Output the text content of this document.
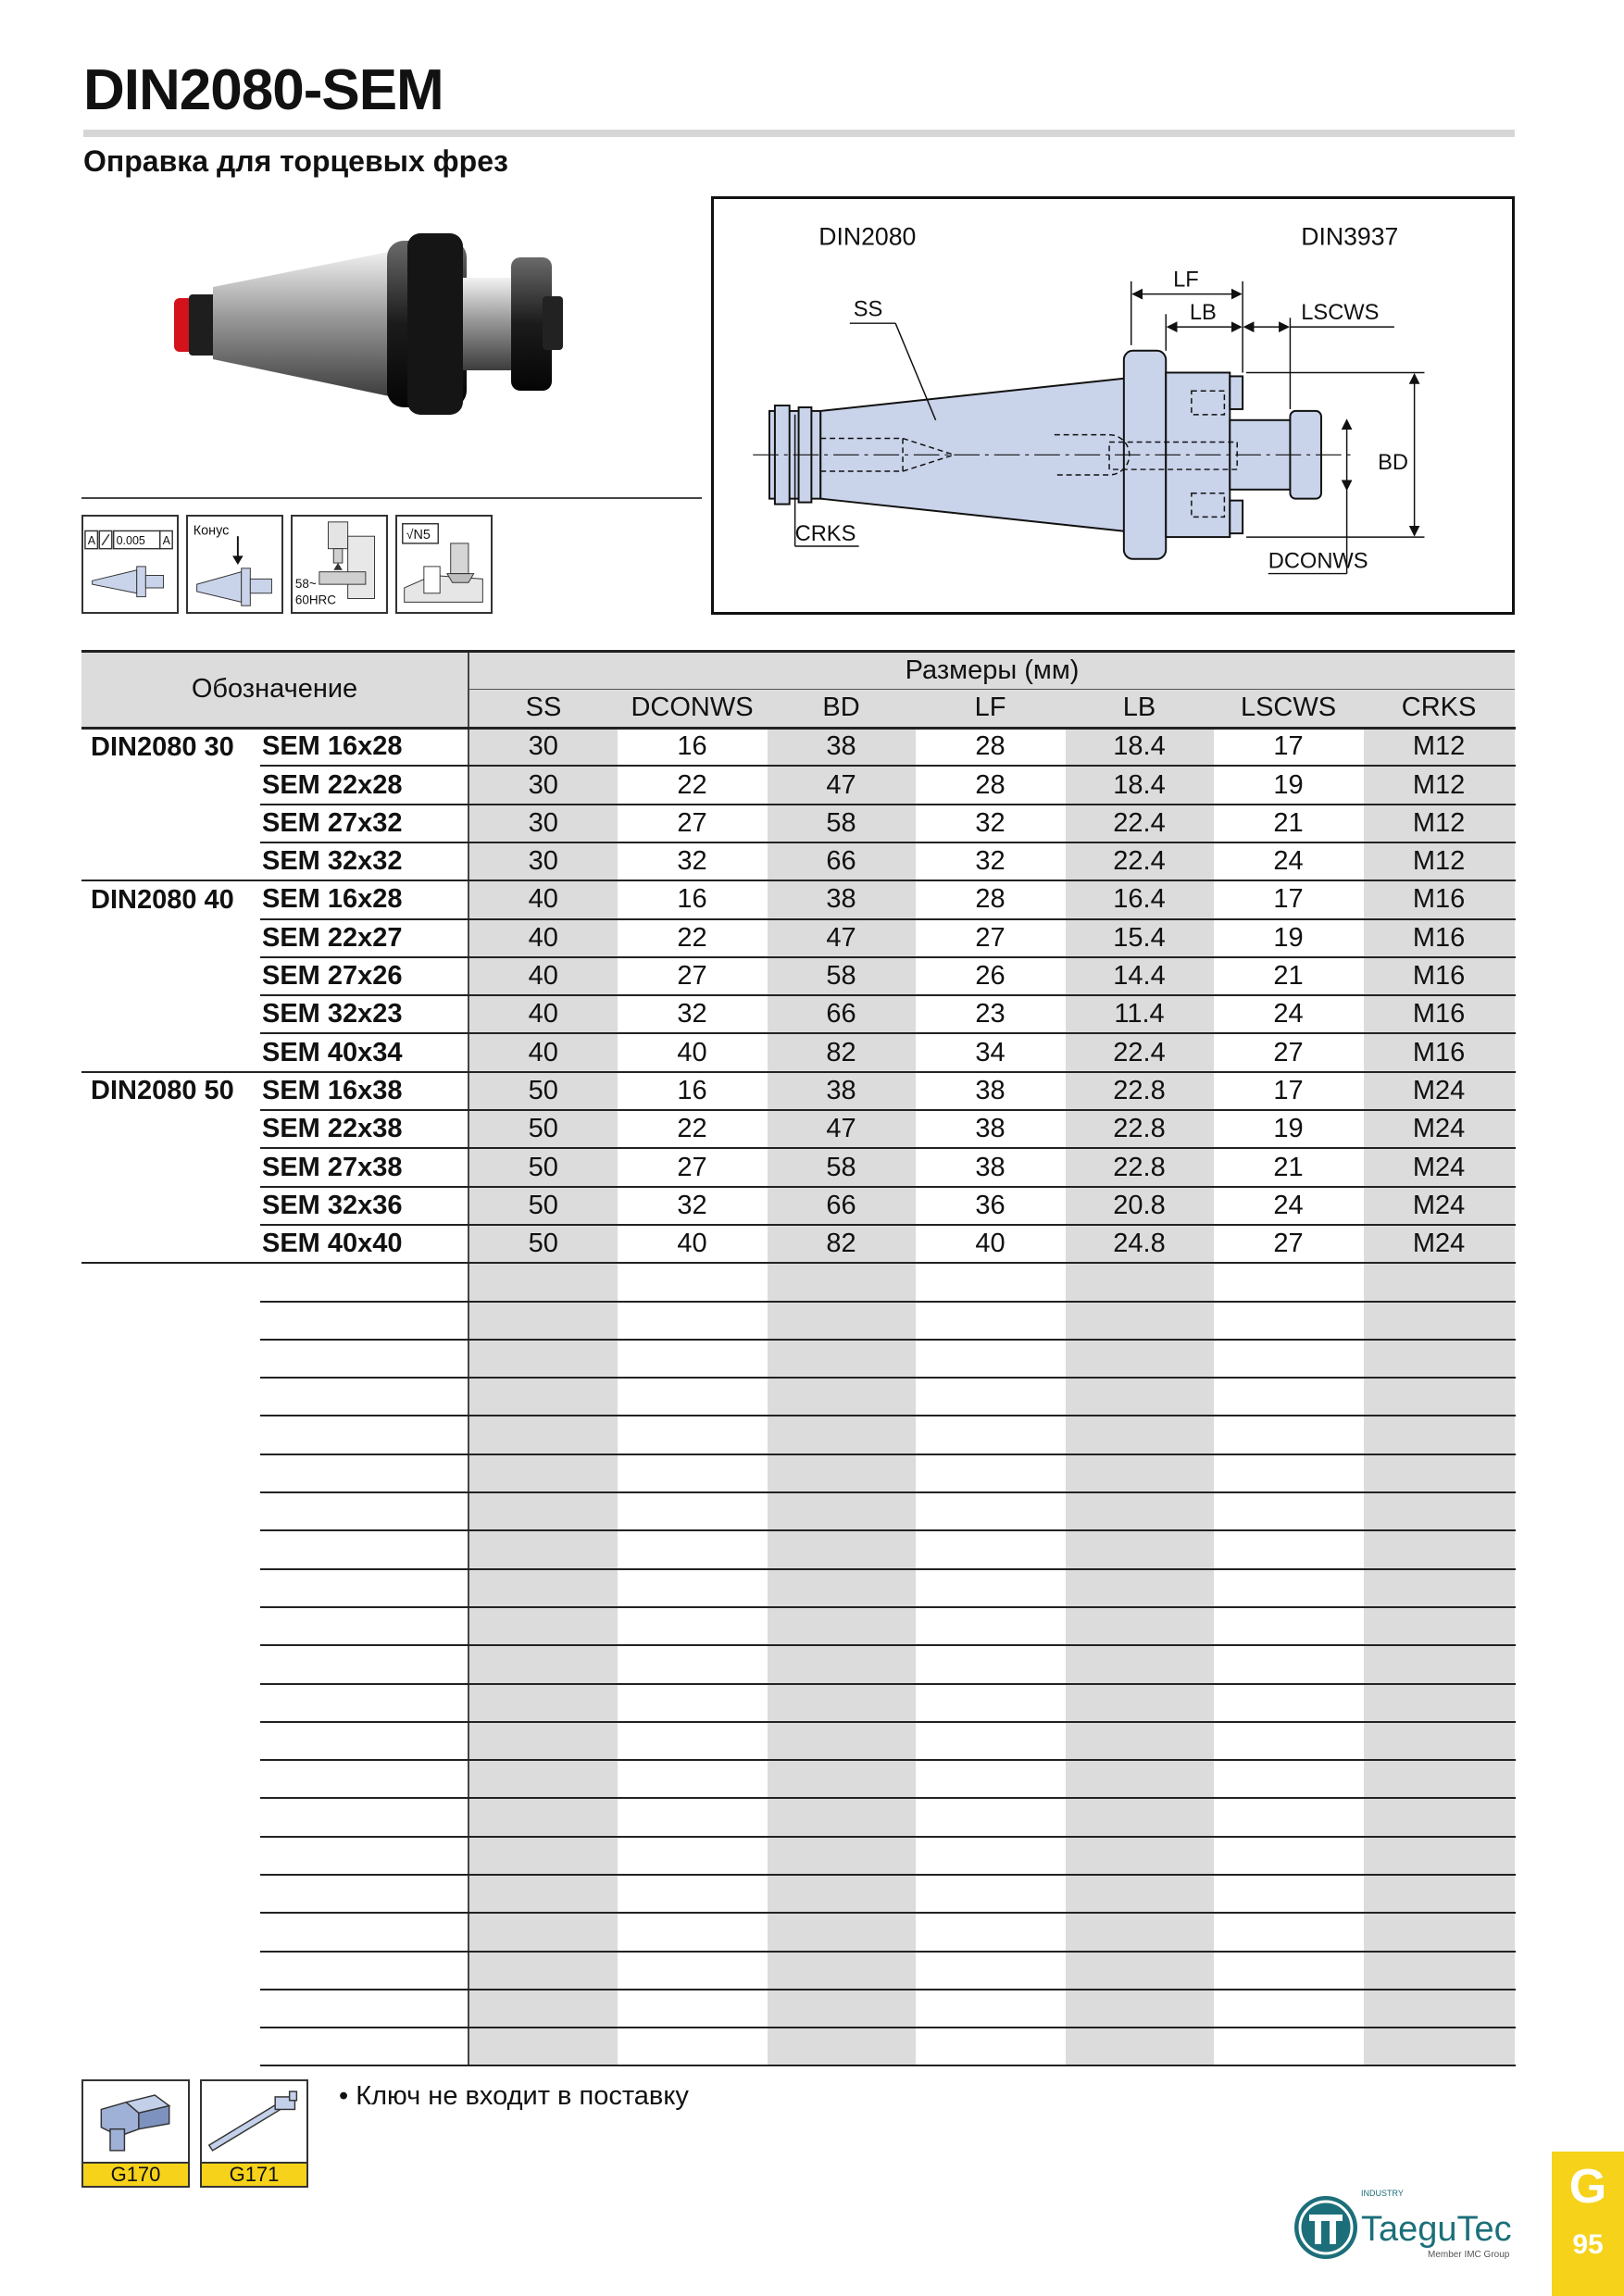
DIN2080-SEM
Оправка для торцевых фрез
A 0.005 A
Конус
58~
60HRC
√N5
DIN2080	DIN3937
LF
LB	LSCWS
SS
BD
CRKS
DCONWS
Обозначение		Размеры (мм)						
		SS	DCONWS	BD	LF	LB	LSCWS	CRKS
DIN2080 30	SEM 16x28	30	16	38	28	18.4	17	M12
	SEM 22x28	30	22	47	28	18.4	19	M12
	SEM 27x32	30	27	58	32	22.4	21	M12
	SEM 32x32	30	32	66	32	22.4	24	M12
DIN2080 40	SEM 16x28	40	16	38	28	16.4	17	M16
	SEM 22x27	40	22	47	27	15.4	19	M16
	SEM 27x26	40	27	58	26	14.4	21	M16
	SEM 32x23	40	32	66	23	11.4	24	M16
	SEM 40x34	40	40	82	34	22.4	27	M16
DIN2080 50	SEM 16x38	50	16	38	38	22.8	17	M24
	SEM 22x38	50	22	47	38	22.8	19	M24
	SEM 27x38	50	27	58	38	22.8	21	M24
	SEM 32x36	50	32	66	36	20.8	24	M24
	SEM 40x40	50	40	82	40	24.8	27	M24

G170	G171
• Ключ не входит в поставку
INDUSTRY
TaeguTec
Member IMC Group
G
95
